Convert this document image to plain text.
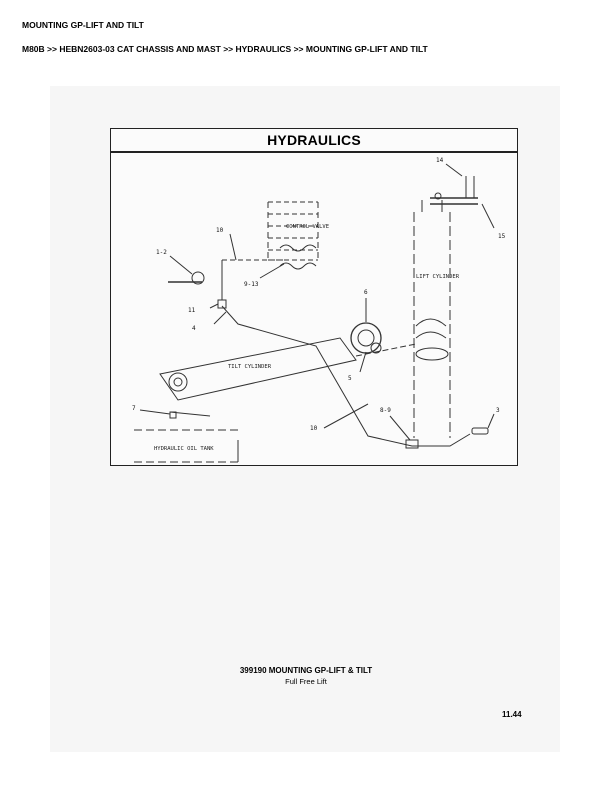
MOUNTING GP-LIFT AND TILT
M80B >> HEBN2603-03 CAT CHASSIS AND MAST >> HYDRAULICS >> MOUNTING GP-LIFT AND TILT
HYDRAULICS
CONTROL VALVE
LIFT CYLINDER
TILT CYLINDER
HYDRAULIC OIL TANK
14
15
10
1-2
9-13
11
4
6
5
7
10
8-9	3
399190 MOUNTING GP-LIFT & TILT
Full Free Lift
11.44
